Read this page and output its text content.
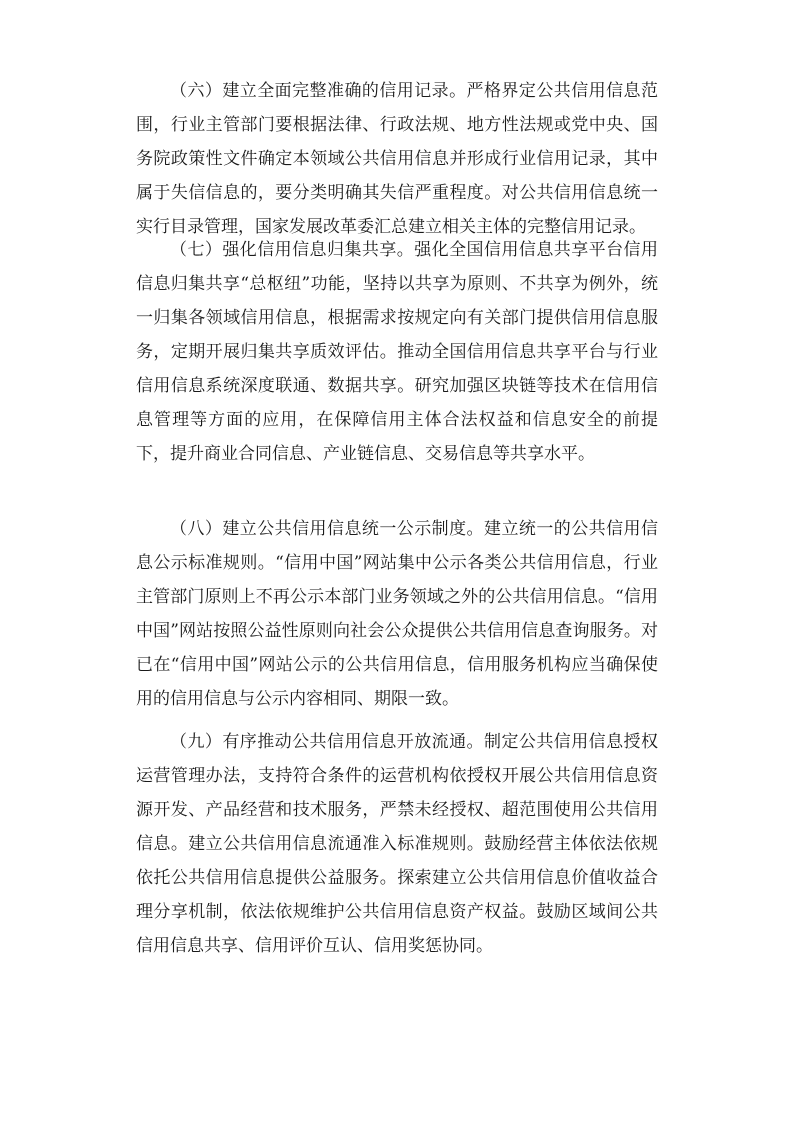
（六）建立全面完整准确的信用记录。严格界定公共信用信息范围，行业主管部门要根据法律、行政法规、地方性法规或党中央、国务院政策性文件确定本领域公共信用信息并形成行业信用记录，其中属于失信信息的，要分类明确其失信严重程度。对公共信用信息统一实行目录管理，国家发展改革委汇总建立相关主体的完整信用记录。

（七）强化信用信息归集共享。强化全国信用信息共享平台信用信息归集共享“总枢纽”功能，坚持以共享为原则、不共享为例外，统一归集各领域信用信息，根据需求按规定向有关部门提供信用信息服务，定期开展归集共享质效评估。推动全国信用信息共享平台与行业信用信息系统深度联通、数据共享。研究加强区块链等技术在信用信息管理等方面的应用，在保障信用主体合法权益和信息安全的前提下，提升商业合同信息、产业链信息、交易信息等共享水平。

（八）建立公共信用信息统一公示制度。建立统一的公共信用信息公示标准规则。“信用中国”网站集中公示各类公共信用信息，行业主管部门原则上不再公示本部门业务领域之外的公共信用信息。“信用中国”网站按照公益性原则向社会公众提供公共信用信息查询服务。对已在“信用中国”网站公示的公共信用信息，信用服务机构应当确保使用的信用信息与公示内容相同、期限一致。

（九）有序推动公共信用信息开放流通。制定公共信用信息授权运营管理办法，支持符合条件的运营机构依授权开展公共信用信息资源开发、产品经营和技术服务，严禁未经授权、超范围使用公共信用信息。建立公共信用信息流通准入标准规则。鼓励经营主体依法依规依托公共信用信息提供公益服务。探索建立公共信用信息价值收益合理分享机制，依法依规维护公共信用信息资产权益。鼓励区域间公共信用信息共享、信用评价互认、信用奖惩协同。
